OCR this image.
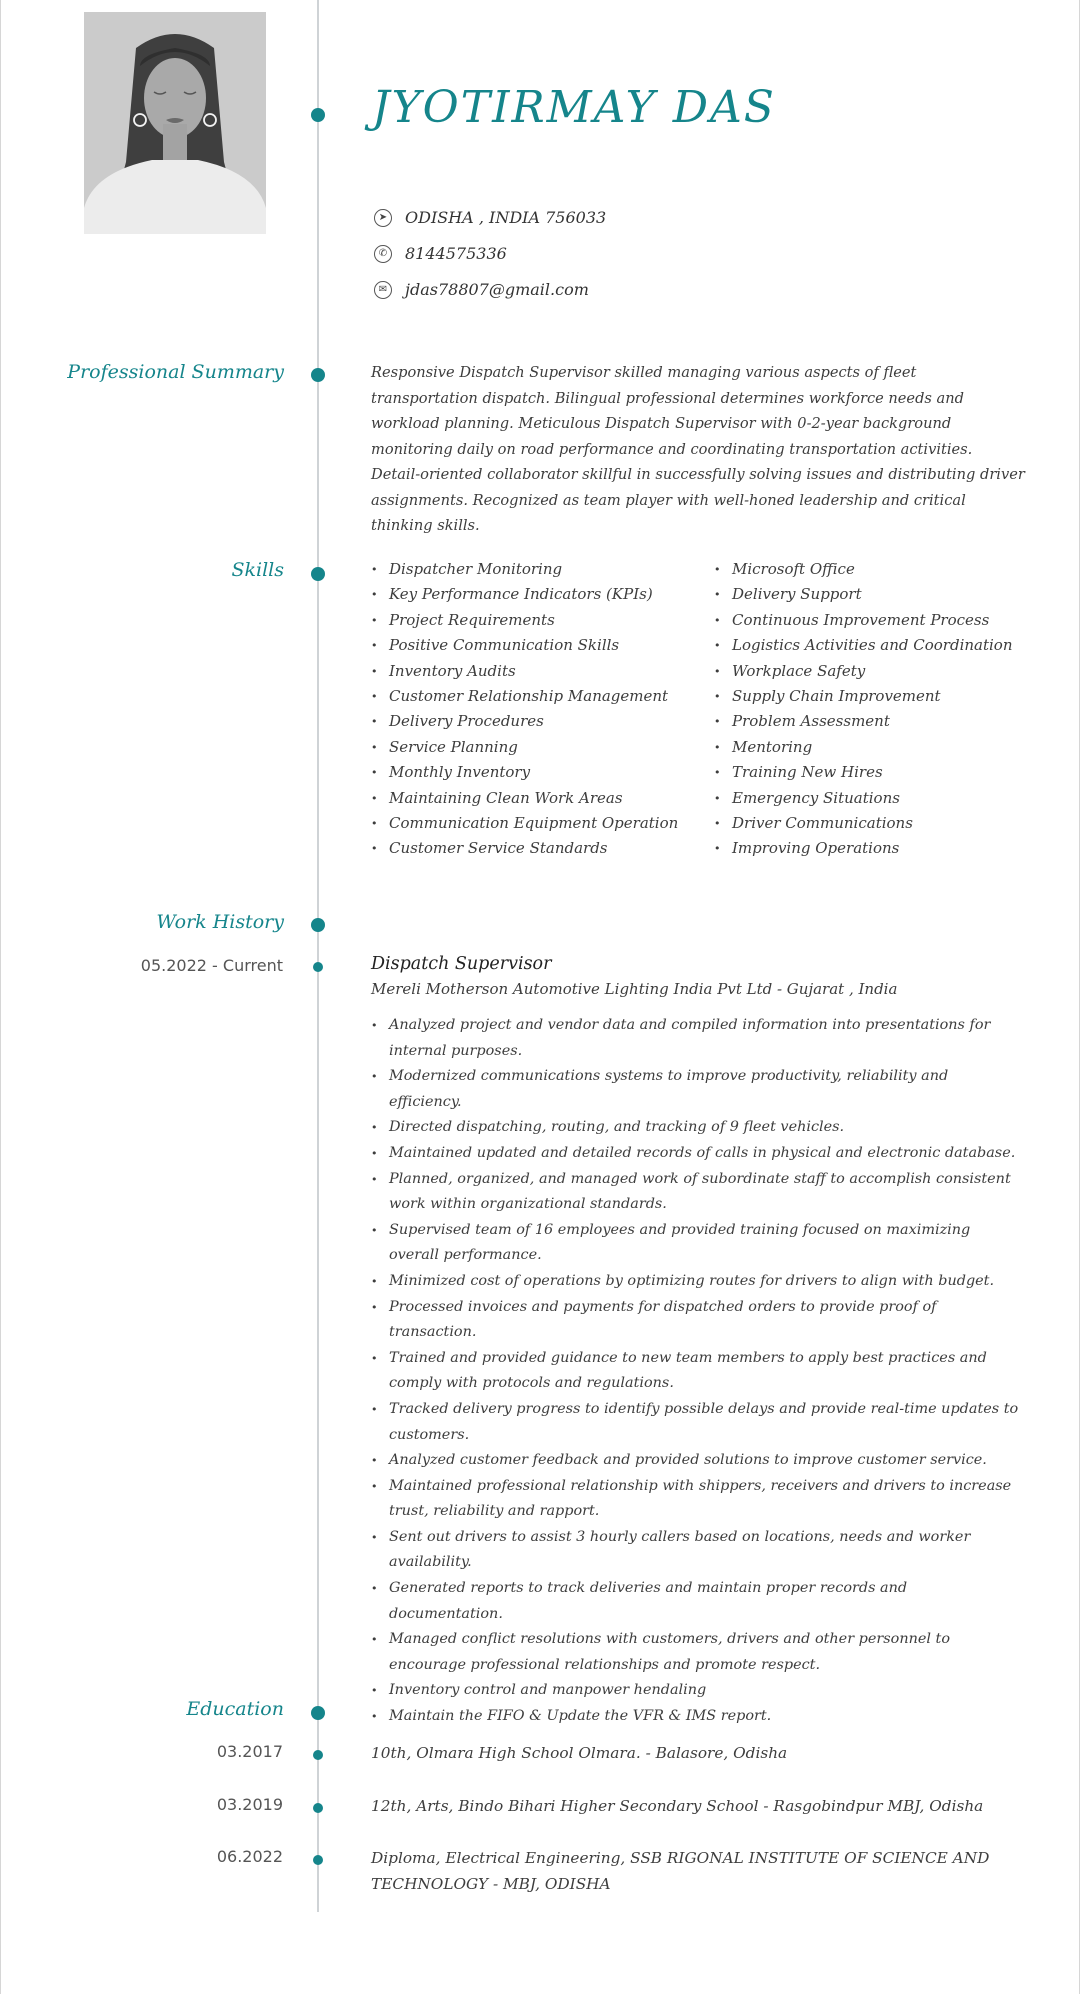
JYOTIRMAY DAS
➤	ODISHA , INDIA 756033
✆	8144575336
✉	jdas78807@gmail.com
Professional Summary
Skills
Work History
Education

Responsive Dispatch Supervisor skilled managing various aspects of fleet transportation dispatch. Bilingual professional determines workforce needs and workload planning. Meticulous Dispatch Supervisor with 0-2-year background monitoring daily on road performance and coordinating transportation activities. Detail-oriented collaborator skillful in successfully solving issues and distributing driver assignments. Recognized as team player with well-honed leadership and critical thinking skills.

• Dispatcher Monitoring
• Key Performance Indicators (KPIs)
• Project Requirements
• Positive Communication Skills
• Inventory Audits
• Customer Relationship Management
• Delivery Procedures
• Service Planning
• Monthly Inventory
• Maintaining Clean Work Areas
• Communication Equipment Operation
• Customer Service Standards
• Microsoft Office
• Delivery Support
• Continuous Improvement Process
• Logistics Activities and Coordination
• Workplace Safety
• Supply Chain Improvement
• Problem Assessment
• Mentoring
• Training New Hires
• Emergency Situations
• Driver Communications
• Improving Operations
05.2022 - Current	Dispatch Supervisor
Mereli Motherson Automotive Lighting India Pvt Ltd - Gujarat , India
• Analyzed project and vendor data and compiled information into presentations for internal purposes.
• Modernized communications systems to improve productivity, reliability and efficiency.
• Directed dispatching, routing, and tracking of 9 fleet vehicles.
• Maintained updated and detailed records of calls in physical and electronic database.
• Planned, organized, and managed work of subordinate staff to accomplish consistent work within organizational standards.
• Supervised team of 16 employees and provided training focused on maximizing overall performance.
• Minimized cost of operations by optimizing routes for drivers to align with budget.
• Processed invoices and payments for dispatched orders to provide proof of transaction.
• Trained and provided guidance to new team members to apply best practices and comply with protocols and regulations.
• Tracked delivery progress to identify possible delays and provide real-time updates to customers.
• Analyzed customer feedback and provided solutions to improve customer service.
• Maintained professional relationship with shippers, receivers and drivers to increase trust, reliability and rapport.
• Sent out drivers to assist 3 hourly callers based on locations, needs and worker availability.
• Generated reports to track deliveries and maintain proper records and documentation.
• Managed conflict resolutions with customers, drivers and other personnel to encourage professional relationships and promote respect.
• Inventory control and manpower hendaling
• Maintain the FIFO & Update the VFR & IMS report.
03.2017	10th, Olmara High School Olmara. - Balasore, Odisha
03.2019	12th, Arts, Bindo Bihari Higher Secondary School - Rasgobindpur MBJ, Odisha
06.2022	Diploma, Electrical Engineering, SSB RIGONAL INSTITUTE OF SCIENCE AND TECHNOLOGY - MBJ, ODISHA
